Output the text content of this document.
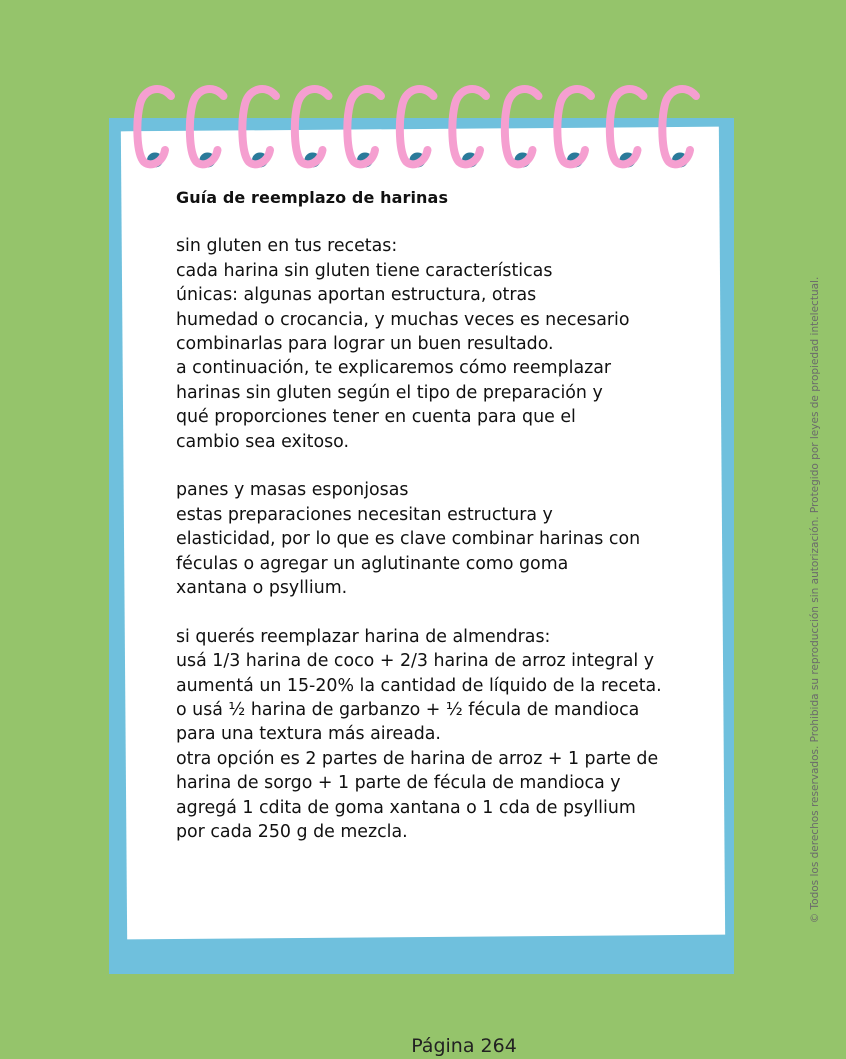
Guía de reemplazo de harinas
sin gluten en tus recetas:
cada harina sin gluten tiene características
únicas: algunas aportan estructura, otras
humedad o crocancia, y muchas veces es necesario
combinarlas para lograr un buen resultado.
a continuación, te explicaremos cómo reemplazar
harinas sin gluten según el tipo de preparación y
qué proporciones tener en cuenta para que el
cambio sea exitoso.
panes y masas esponjosas
estas preparaciones necesitan estructura y
elasticidad, por lo que es clave combinar harinas con
féculas o agregar un aglutinante como goma
xantana o psyllium.
si querés reemplazar harina de almendras:
usá 1/3 harina de coco + 2/3 harina de arroz integral y
aumentá un 15-20% la cantidad de líquido de la receta.
o usá ½ harina de garbanzo + ½ fécula de mandioca
para una textura más aireada.
otra opción es 2 partes de harina de arroz + 1 parte de
harina de sorgo + 1 parte de fécula de mandioca y
agregá 1 cdita de goma xantana o 1 cda de psyllium
por cada 250 g de mezcla.	© Todos los derechos reservados. Prohibida su reproducción sin autorización. Protegido por leyes de propiedad intelectual.
Página 264
